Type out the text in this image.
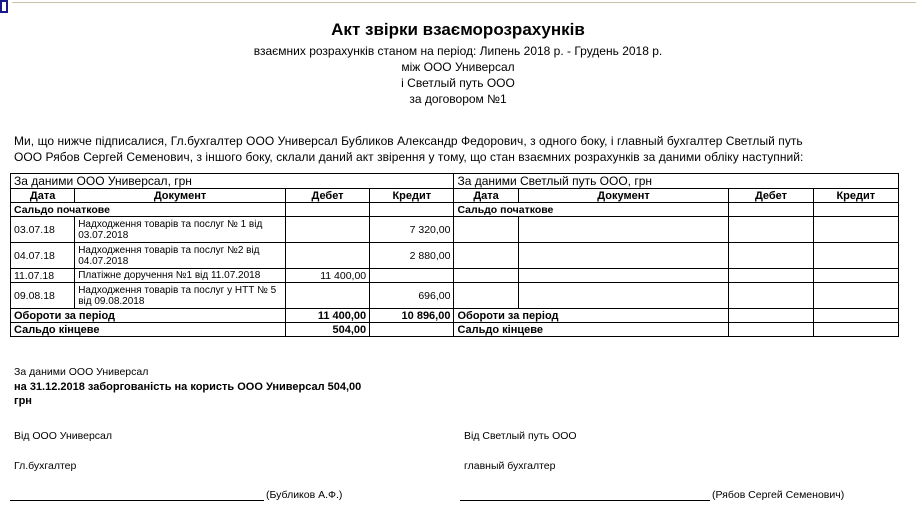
Акт звірки взаєморозрахунків
взаємних розрахунків станом на період: Липень 2018 р. - Грудень 2018 р.
між ООО Универсал
і Светлый путь ООО
за договором №1
Ми, що нижче підписалися, Гл.бухгалтер ООО Универсал Бубликов Александр Федорович, з одного боку, і главный бухгалтер Светлый путь
ООО Рябов Сергей Семенович, з іншого боку, склали даний акт звірення у тому, що стан взаємних розрахунків за даними обліку наступний:
За даними ООО Универсал, грн				За даними Светлый путь ООО, грн			
Дата	Документ	Дебет	Кредит	Дата	Документ	Дебет	Кредит
Сальдо початкове				Сальдо початкове			
03.07.18	Надходження товарів та послуг № 1 від 03.07.2018		7 320,00				
04.07.18	Надходження товарів та послуг №2 від 04.07.2018		2 880,00				
11.07.18	Платіжне доручення №1 від 11.07.2018	11 400,00					
09.08.18	Надходження товарів та послуг у НТТ № 5 від 09.08.2018		696,00				
Обороти за період		11 400,00	10 896,00	Обороти за період			
Сальдо кінцеве		504,00		Сальдо кінцеве			
За даними ООО Универсал
на 31.12.2018 заборгованість на користь ООО Универсал 504,00
грн
Від ООО Универсал	Від Светлый путь ООО
Гл.бухгалтер	главный бухгалтер
(Бубликов А.Ф.)	(Рябов Сергей Семенович)
